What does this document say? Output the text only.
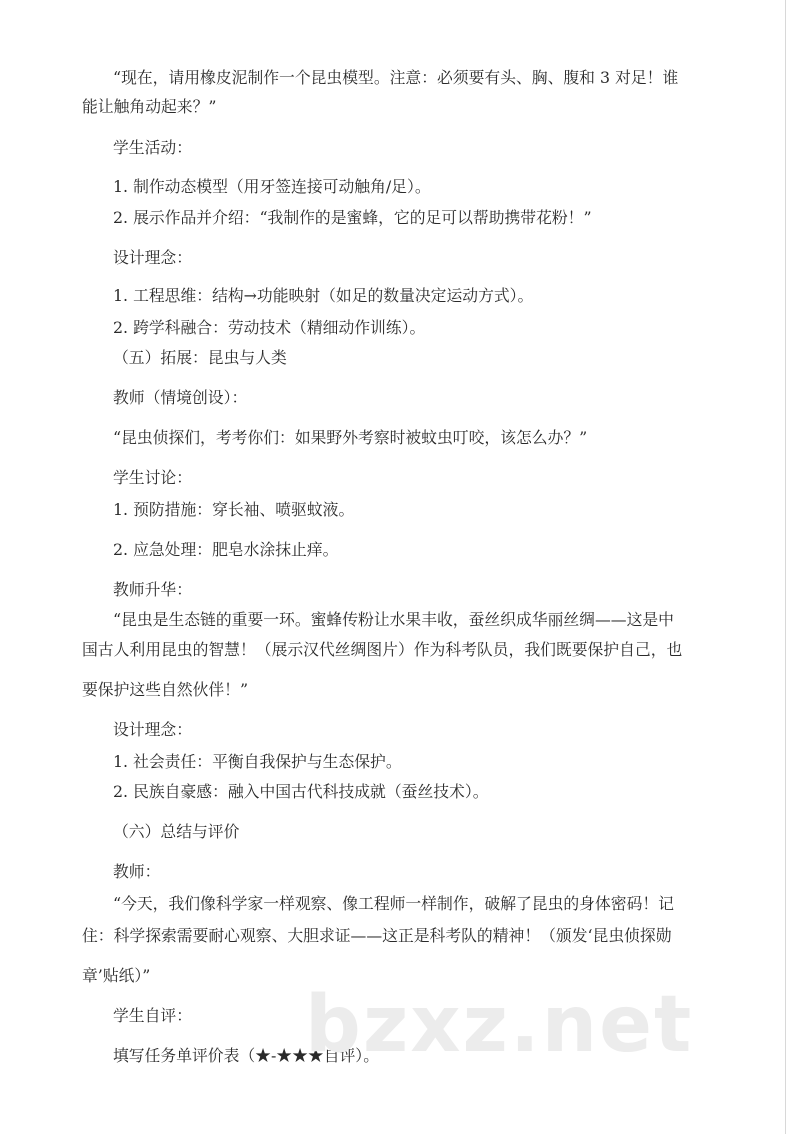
“现在，请用橡皮泥制作一个昆虫模型。注意：必须要有头、胸、腹和 3 对足！谁
能让触角动起来？”
学生活动：
1. 制作动态模型（用牙签连接可动触角/足）。
2. 展示作品并介绍：“我制作的是蜜蜂，它的足可以帮助携带花粉！”
设计理念：
1. 工程思维：结构→功能映射（如足的数量决定运动方式）。
2. 跨学科融合：劳动技术（精细动作训练）。
（五）拓展：昆虫与人类
教师（情境创设）：
“昆虫侦探们，考考你们：如果野外考察时被蚊虫叮咬，该怎么办？”
学生讨论：
1. 预防措施：穿长袖、喷驱蚊液。
2. 应急处理：肥皂水涂抹止痒。
教师升华：
“昆虫是生态链的重要一环。蜜蜂传粉让水果丰收，蚕丝织成华丽丝绸——这是中
国古人利用昆虫的智慧！（展示汉代丝绸图片）作为科考队员，我们既要保护自己，也
要保护这些自然伙伴！”
设计理念：
1. 社会责任：平衡自我保护与生态保护。
2. 民族自豪感：融入中国古代科技成就（蚕丝技术）。
（六）总结与评价
教师：
“今天，我们像科学家一样观察、像工程师一样制作，破解了昆虫的身体密码！记
住：科学探索需要耐心观察、大胆求证——这正是科考队的精神！（颁发‘昆虫侦探勋
章’贴纸）”
学生自评：
填写任务单评价表（★-★★★自评）。
bzxz.net
